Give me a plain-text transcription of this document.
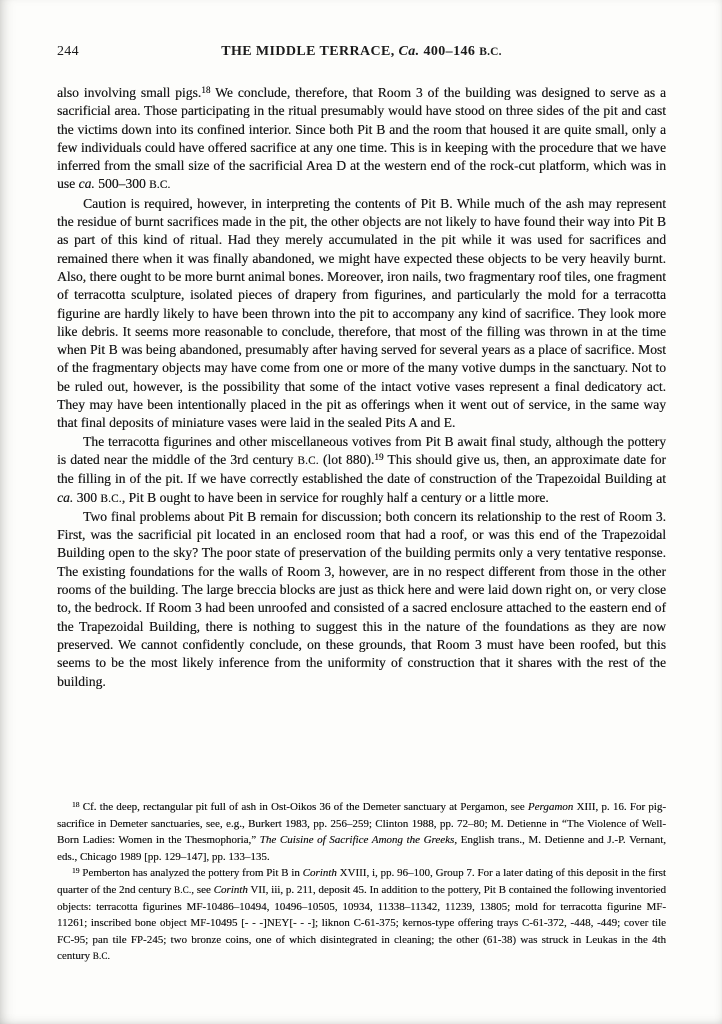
244	THE MIDDLE TERRACE, Ca. 400–146 B.C.

also involving small pigs.$^{18}$ We conclude, therefore, that Room 3 of the building was designed to serve as a sacrificial area. Those participating in the ritual presumably would have stood on three sides of the pit and cast the victims down into its confined interior. Since both Pit B and the room that housed it are quite small, only a few individuals could have offered sacrifice at any one time. This is in keeping with the procedure that we have inferred from the small size of the sacrificial Area D at the western end of the rock-cut platform, which was in use ca. 500–300 B.C.

Caution is required, however, in interpreting the contents of Pit B. While much of the ash may represent the residue of burnt sacrifices made in the pit, the other objects are not likely to have found their way into Pit B as part of this kind of ritual. Had they merely accumulated in the pit while it was used for sacrifices and remained there when it was finally abandoned, we might have expected these objects to be very heavily burnt. Also, there ought to be more burnt animal bones. Moreover, iron nails, two fragmentary roof tiles, one fragment of terracotta sculpture, isolated pieces of drapery from figurines, and particularly the mold for a terracotta figurine are hardly likely to have been thrown into the pit to accompany any kind of sacrifice. They look more like debris. It seems more reasonable to conclude, therefore, that most of the filling was thrown in at the time when Pit B was being abandoned, presumably after having served for several years as a place of sacrifice. Most of the fragmentary objects may have come from one or more of the many votive dumps in the sanctuary. Not to be ruled out, however, is the possibility that some of the intact votive vases represent a final dedicatory act. They may have been intentionally placed in the pit as offerings when it went out of service, in the same way that final deposits of miniature vases were laid in the sealed Pits A and E.

The terracotta figurines and other miscellaneous votives from Pit B await final study, although the pottery is dated near the middle of the 3rd century B.C. (lot 880).$^{19}$ This should give us, then, an approximate date for the filling in of the pit. If we have correctly established the date of construction of the Trapezoidal Building at ca. 300 B.C., Pit B ought to have been in service for roughly half a century or a little more.

Two final problems about Pit B remain for discussion; both concern its relationship to the rest of Room 3. First, was the sacrificial pit located in an enclosed room that had a roof, or was this end of the Trapezoidal Building open to the sky? The poor state of preservation of the building permits only a very tentative response. The existing foundations for the walls of Room 3, however, are in no respect different from those in the other rooms of the building. The large breccia blocks are just as thick here and were laid down right on, or very close to, the bedrock. If Room 3 had been unroofed and consisted of a sacred enclosure attached to the eastern end of the Trapezoidal Building, there is nothing to suggest this in the nature of the foundations as they are now preserved. We cannot confidently conclude, on these grounds, that Room 3 must have been roofed, but this seems to be the most likely inference from the uniformity of construction that it shares with the rest of the building.

$^{18}$ Cf. the deep, rectangular pit full of ash in Ost-Oikos 36 of the Demeter sanctuary at Pergamon, see Pergamon XIII, p. 16. For pig-sacrifice in Demeter sanctuaries, see, e.g., Burkert 1983, pp. 256–259; Clinton 1988, pp. 72–80; M. Detienne in “The Violence of Well-Born Ladies: Women in the Thesmophoria,” The Cuisine of Sacrifice Among the Greeks, English trans., M. Detienne and J.-P. Vernant, eds., Chicago 1989 [pp. 129–147], pp. 133–135.

$^{19}$ Pemberton has analyzed the pottery from Pit B in Corinth XVIII, i, pp. 96–100, Group 7. For a later dating of this deposit in the first quarter of the 2nd century B.C., see Corinth VII, iii, p. 211, deposit 45. In addition to the pottery, Pit B contained the following inventoried objects: terracotta figurines MF-10486–10494, 10496–10505, 10934, 11338–11342, 11239, 13805; mold for terracotta figurine MF-11261; inscribed bone object MF-10495 [- - -]ΝΕΥ[- - -]; liknon C-61-375; kernos-type offering trays C-61-372, -448, -449; cover tile FC-95; pan tile FP-245; two bronze coins, one of which disintegrated in cleaning; the other (61-38) was struck in Leukas in the 4th century B.C.
